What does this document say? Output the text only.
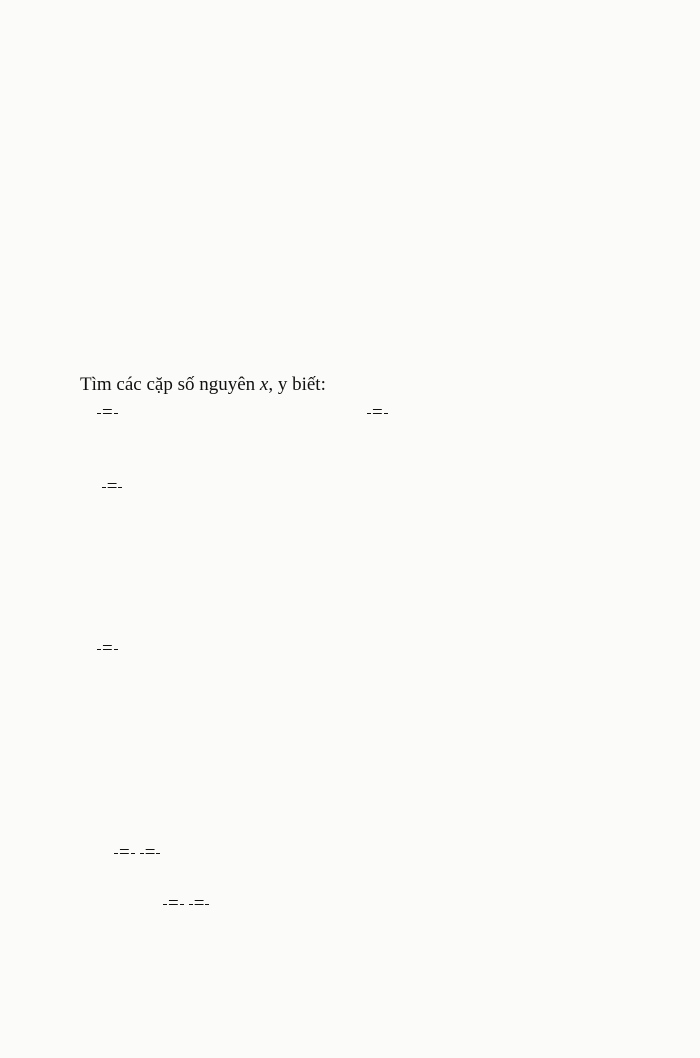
Tìm các cặp số nguyên x, y biết:
=	=

=

=

= =
= =
